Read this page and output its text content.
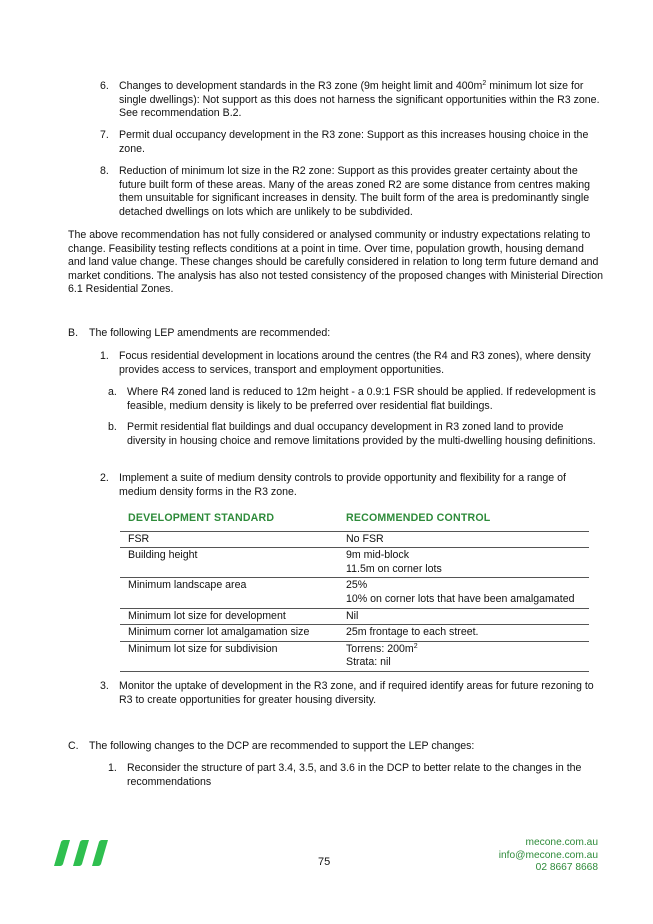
6. Changes to development standards in the R3 zone (9m height limit and $400m^2$ minimum lot size for single dwellings): Not support as this does not harness the significant opportunities within the R3 zone. See recommendation B.2.
7. Permit dual occupancy development in the R3 zone: Support as this increases housing choice in the zone.
8. Reduction of minimum lot size in the R2 zone: Support as this provides greater certainty about the future built form of these areas. Many of the areas zoned R2 are some distance from centres making them unsuitable for significant increases in density. The built form of the area is predominantly single detached dwellings on lots which are unlikely to be subdivided.
The above recommendation has not fully considered or analysed community or industry expectations relating to change. Feasibility testing reflects conditions at a point in time. Over time, population growth, housing demand and land value change. These changes should be carefully considered in relation to long term future demand and market conditions. The analysis has also not tested consistency of the proposed changes with Ministerial Direction 6.1 Residential Zones.
B. The following LEP amendments are recommended:
1. Focus residential development in locations around the centres (the R4 and R3 zones), where density provides access to services, transport and employment opportunities.
a. Where R4 zoned land is reduced to 12m height - a 0.9:1 FSR should be applied. If redevelopment is feasible, medium density is likely to be preferred over residential flat buildings.
b. Permit residential flat buildings and dual occupancy development in R3 zoned land to provide diversity in housing choice and remove limitations provided by the multi-dwelling housing definitions.
2. Implement a suite of medium density controls to provide opportunity and flexibility for a range of medium density forms in the R3 zone.
DEVELOPMENT STANDARD	RECOMMENDED CONTROL
FSR	No FSR

Building height	9m mid-block
11.5m on corner lots

Minimum landscape area	25%
10% on corner lots that have been amalgamated

Minimum lot size for development	Nil

Minimum corner lot amalgamation size	25m frontage to each street.

Minimum lot size for subdivision	Torrens: $200m^2$
Strata: nil
3. Monitor the uptake of development in the R3 zone, and if required identify areas for future rezoning to R3 to create opportunities for greater housing diversity.
C. The following changes to the DCP are recommended to support the LEP changes:
1. Reconsider the structure of part 3.4, 3.5, and 3.6 in the DCP to better relate to the changes in the recommendations
75
mecone.com.au
info@mecone.com.au
02 8667 8668
